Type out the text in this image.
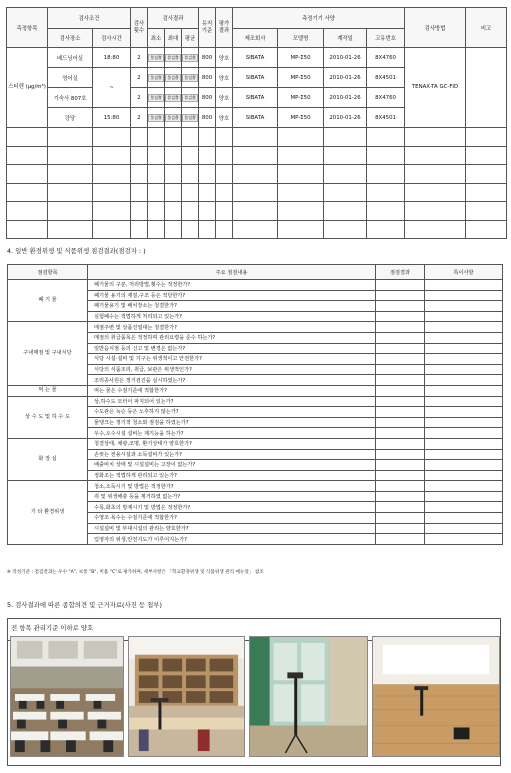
측정항목	검사조건		검사 횟수	검사결과			유지 기준	평가 결과	측정기기 사양				검사방법	비고
	검사장소	검사시간		최소	최대	평균			제조회사	모델명	계작일	고유번호		
스티렌 (μg/m³)	배드닝어실	18:80	2	불검출	불검출	불검출	800	양호	SIBATA	MP-Σ50	2010-01-26	8X4760	TENAX-TA GC-FID	
	영어실	~	2	불검출	불검출	불검출	800	양호	SIBATA	MP-Σ50	2010-01-26	8X4501		
	기숙사 807호		2	불검출	불검출	불검출	800	양호	SIBATA	MP-Σ50	2010-01-26	8X4760		
	강당	15:80	2	불검출	불검출	불검출	800	양호	SIBATA	MP-Σ50	2010-01-26	8X4501		

4. 일반 환경위생 및 식품위생 점검결과(점검자 : )
점검항목	주요 점검내용	점검결과	특이사항
폐 기 물	폐기물의 구분, 처리방법,횟수는 적정한가?		
	폐기물 용기의 재질,구조 등은 적당한가?		
	폐기물용기 및 배치장소는 청결한가?		
	실험폐수는 적법하게 처리되고 있는가?		
구내매점 및 구내식당	매점주변 및 상품진열대는 청결한가?		
	매점의 취급품목은 적정하며 관리요령을 준수 하는가?		
	일반음식점 등의 신고 및 변경은 없는가?		
	식당 시설·설비 및 기구는 위생적이고 안전한가?		
	식당의 식품조리, 취급, 보관은 위생적인가?		
	조리종사원은 정기검진을 실시하였는가?		
먹 는 물	먹는 물은 수질기준에 적합한가?		
상 수 도 및 하 수 도	상,하수도 모터이 파지되어 있는가?		
	수도관은 녹슨 등은 노후하지 않는가?		
	물탱크는 정기적 청소와 점검을 하였는가?		
	우수,오수시설 설비는 제기능을 하는가?		
화 장 실	청결상태, 채광,조명, 환기상태가 양호한가?		
	손씻는 전용시설과 소독설비가 있는가?		
	배출비치 상태 및 시설설비는 고장이 없는가?		
	정화조는 적법하게 관리되고 있는가?		
기 타 환경위생	청소,소독시기 및 방법은 적정한가?		
	쥐 및 위생해충 등을 제거하였 없는가?		
	수목,화초의 방제시기 및 방법은 적정한가?		
	수영조 욕수는 수질기준에 적합한가?		
	시설설비 및 부대시설의 관리는 양호한가?		
	입영자의 위생,안전지도가 이루어지는가?		
※ 작성기준 : 점검결과는 우수 "A", 보통 "B", 미흡 "C"로 평가하며, 세부사항은 「학교환경위생 및 식품위생 관리 매뉴얼」 참조
5. 검사결과에 따른 종합의견 및 근거자료(사진 등 첨부)
전 항목 관리기준 이하로 양호
